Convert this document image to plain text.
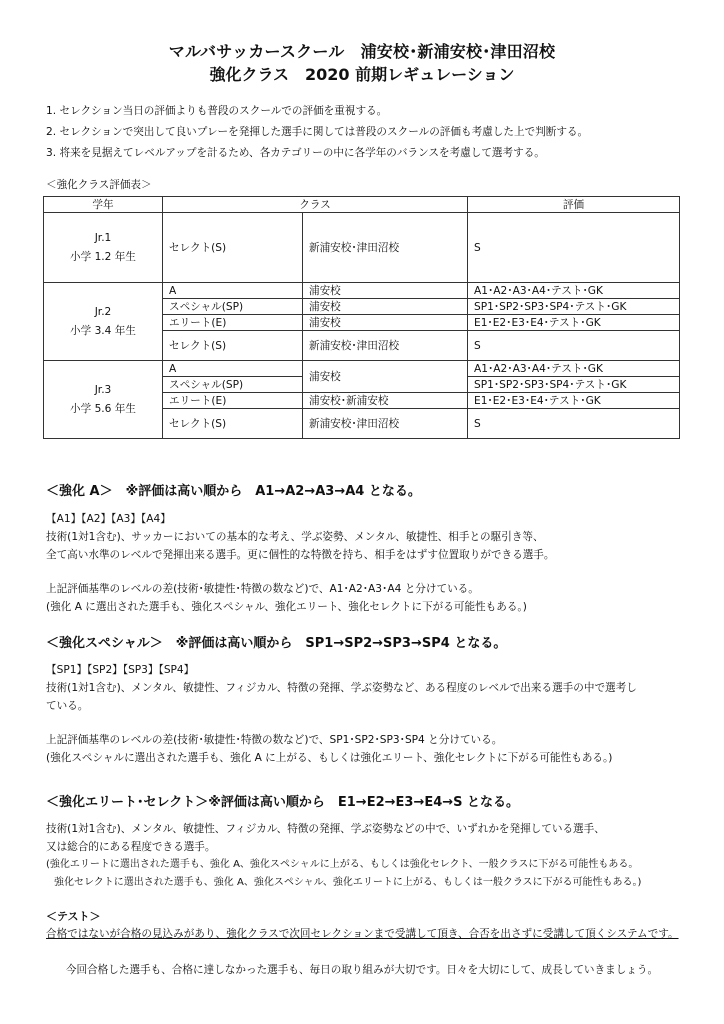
マルバサッカースクール　浦安校･新浦安校･津田沼校
強化クラス　2020 前期レギュレーション
1. セレクション当日の評価よりも普段のスクールでの評価を重視する。
2. セレクションで突出して良いプレーを発揮した選手に関しては普段のスクールの評価も考慮した上で判断する。
3. 将来を見据えてレベルアップを計るため、各カテゴリーの中に各学年のバランスを考慮して選考する。
＜強化クラス評価表＞
学年	クラス		評価

Jr.1
小学 1.2 年生	セレクト(S)	新浦安校･津田沼校	S

Jr.2
小学 3.4 年生	A	浦安校	A1･A2･A3･A4･テスト･GK
	スペシャル(SP)	浦安校	SP1･SP2･SP3･SP4･テスト･GK
	エリート(E)	浦安校	E1･E2･E3･E4･テスト･GK
	セレクト(S)	新浦安校･津田沼校	S

Jr.3
小学 5.6 年生	A	浦安校	A1･A2･A3･A4･テスト･GK
	スペシャル(SP)		SP1･SP2･SP3･SP4･テスト･GK
	エリート(E)	浦安校･新浦安校	E1･E2･E3･E4･テスト･GK
	セレクト(S)	新浦安校･津田沼校	S
＜強化 A＞　※評価は高い順から　A1→A2→A3→A4 となる。
【A1】【A2】【A3】【A4】
技術(1対1含む)、サッカーにおいての基本的な考え、学ぶ姿勢、メンタル、敏捷性、相手との駆引き等、
全て高い水準のレベルで発揮出来る選手。更に個性的な特徴を持ち、相手をはずす位置取りができる選手。
上記評価基準のレベルの差(技術･敏捷性･特徴の数など)で、A1･A2･A3･A4 と分けている。
(強化 A に選出された選手も、強化スペシャル、強化エリート、強化セレクトに下がる可能性もある。)
＜強化スペシャル＞　※評価は高い順から　SP1→SP2→SP3→SP4 となる。
【SP1】【SP2】【SP3】【SP4】
技術(1対1含む)、メンタル、敏捷性、フィジカル、特徴の発揮、学ぶ姿勢など、ある程度のレベルで出来る選手の中で選考し
ている。
上記評価基準のレベルの差(技術･敏捷性･特徴の数など)で、SP1･SP2･SP3･SP4 と分けている。
(強化スペシャルに選出された選手も、強化 A に上がる、もしくは強化エリート、強化セレクトに下がる可能性もある。)
＜強化エリート･セレクト＞※評価は高い順から　E1→E2→E3→E4→S となる。
技術(1対1含む)、メンタル、敏捷性、フィジカル、特徴の発揮、学ぶ姿勢などの中で、いずれかを発揮している選手、
又は総合的にある程度できる選手。
(強化エリートに選出された選手も、強化 A、強化スペシャルに上がる、もしくは強化セレクト、一般クラスに下がる可能性もある。
強化セレクトに選出された選手も、強化 A、強化スペシャル、強化エリートに上がる、もしくは一般クラスに下がる可能性もある。)
＜テスト＞
合格ではないが合格の見込みがあり、強化クラスで次回セレクションまで受講して頂き、合否を出さずに受講して頂くシステムです。
今回合格した選手も、合格に達しなかった選手も、毎日の取り組みが大切です。日々を大切にして、成長していきましょう。
